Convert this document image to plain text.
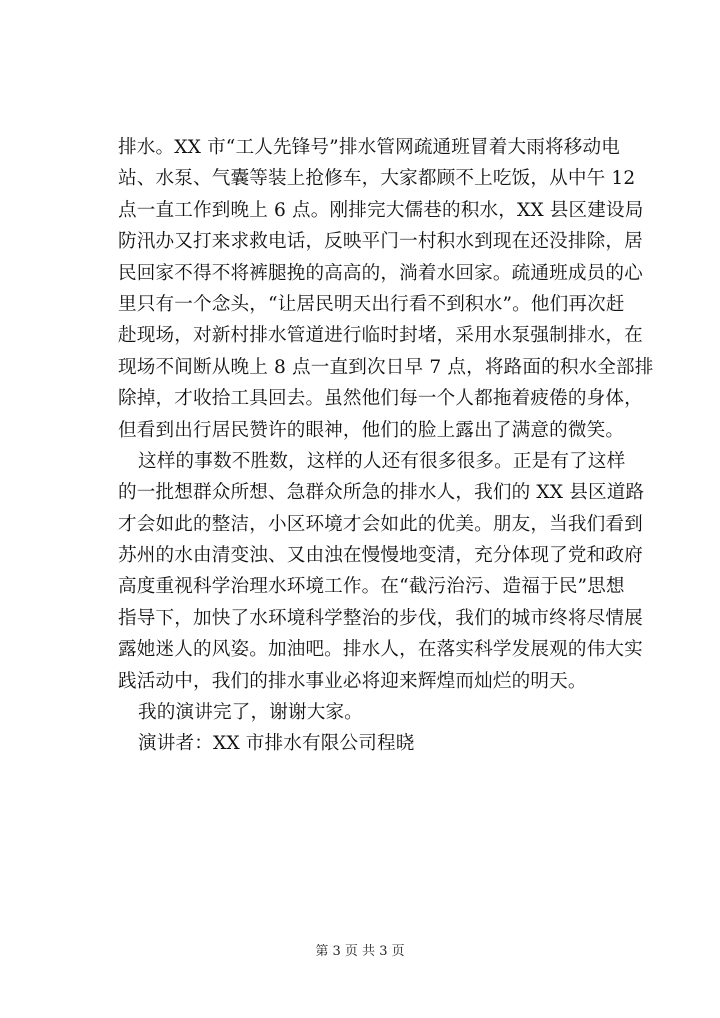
排水。XX 市“工人先锋号”排水管网疏通班冒着大雨将移动电
站、水泵、气囊等装上抢修车，大家都顾不上吃饭，从中午 12
点一直工作到晚上 6 点。刚排完大儒巷的积水，XX 县区建设局
防汛办又打来求救电话，反映平门一村积水到现在还没排除，居
民回家不得不将裤腿挽的高高的，淌着水回家。疏通班成员的心
里只有一个念头，“让居民明天出行看不到积水”。他们再次赶
赴现场，对新村排水管道进行临时封堵，采用水泵强制排水，在
现场不间断从晚上 8 点一直到次日早 7 点，将路面的积水全部排
除掉，才收拾工具回去。虽然他们每一个人都拖着疲倦的身体，
但看到出行居民赞许的眼神，他们的脸上露出了满意的微笑。
这样的事数不胜数，这样的人还有很多很多。正是有了这样
的一批想群众所想、急群众所急的排水人，我们的 XX 县区道路
才会如此的整洁，小区环境才会如此的优美。朋友，当我们看到
苏州的水由清变浊、又由浊在慢慢地变清，充分体现了党和政府
高度重视科学治理水环境工作。在“截污治污、造福于民”思想
指导下，加快了水环境科学整治的步伐，我们的城市终将尽情展
露她迷人的风姿。加油吧。排水人，在落实科学发展观的伟大实
践活动中，我们的排水事业必将迎来辉煌而灿烂的明天。
我的演讲完了，谢谢大家。
演讲者：XX 市排水有限公司程晓
第 3 页 共 3 页
